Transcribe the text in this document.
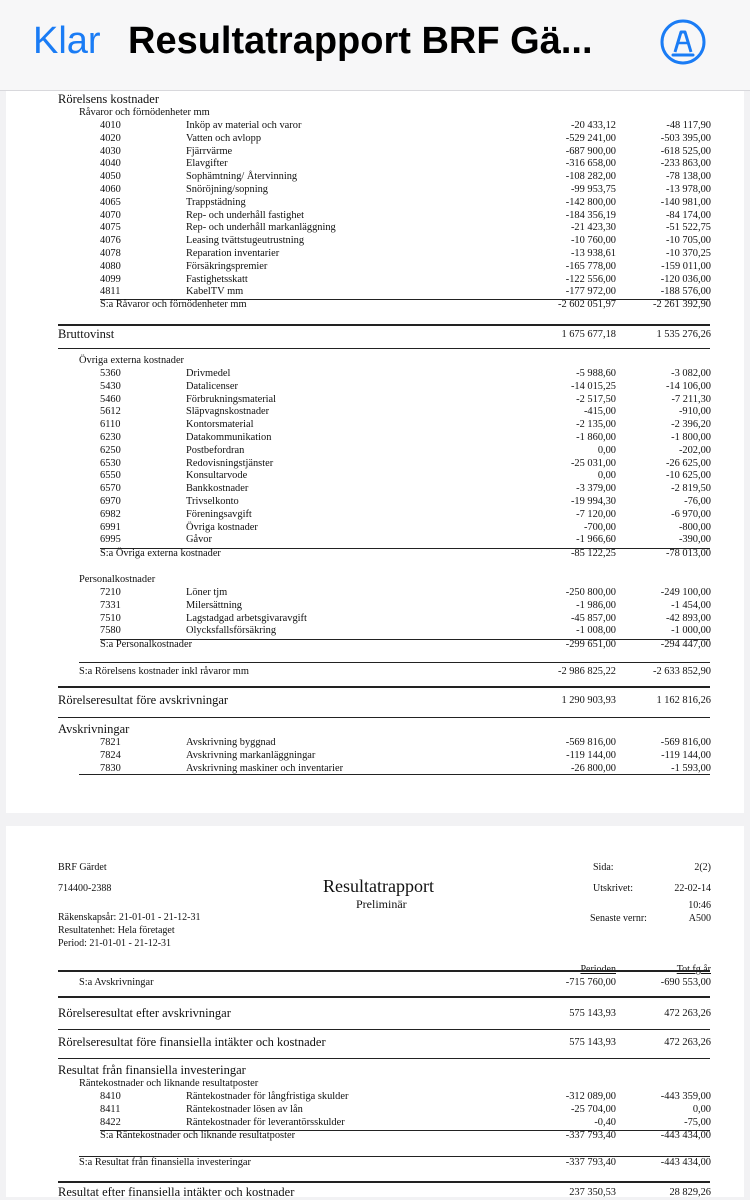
Klar Resultatrapport BRF Gä...
Rörelsens kostnader
Råvaror och förnödenheter mm
4010	Inköp av material och varor	-20 433,12	-48 117,90
4020	Vatten och avlopp	-529 241,00	-503 395,00
4030	Fjärrvärme	-687 900,00	-618 525,00
4040	Elavgifter	-316 658,00	-233 863,00
4050	Sophämtning/ Återvinning	-108 282,00	-78 138,00
4060	Snöröjning/sopning	-99 953,75	-13 978,00
4065	Trappstädning	-142 800,00	-140 981,00
4070	Rep- och underhåll fastighet	-184 356,19	-84 174,00
4075	Rep- och underhåll markanläggning	-21 423,30	-51 522,75
4076	Leasing tvättstugeutrustning	-10 760,00	-10 705,00
4078	Reparation inventarier	-13 938,61	-10 370,25
4080	Försäkringspremier	-165 778,00	-159 011,00
4099	Fastighetsskatt	-122 556,00	-120 036,00
4811	KabelTV mm	-177 972,00	-188 576,00
S:a Råvaror och förnödenheter mm	-2 602 051,97	-2 261 392,90
Bruttovinst	1 675 677,18	1 535 276,26
Övriga externa kostnader
5360	Drivmedel	-5 988,60	-3 082,00
5430	Datalicenser	-14 015,25	-14 106,00
5460	Förbrukningsmaterial	-2 517,50	-7 211,30
5612	Släpvagnskostnader	-415,00	-910,00
6110	Kontorsmaterial	-2 135,00	-2 396,20
6230	Datakommunikation	-1 860,00	-1 800,00
6250	Postbefordran	0,00	-202,00
6530	Redovisningstjänster	-25 031,00	-26 625,00
6550	Konsultarvode	0,00	-10 625,00
6570	Bankkostnader	-3 379,00	-2 819,50
6970	Trivselkonto	-19 994,30	-76,00
6982	Föreningsavgift	-7 120,00	-6 970,00
6991	Övriga kostnader	-700,00	-800,00
6995	Gåvor	-1 966,60	-390,00
S:a Övriga externa kostnader	-85 122,25	-78 013,00
Personalkostnader
7210	Löner tjm	-250 800,00	-249 100,00
7331	Milersättning	-1 986,00	-1 454,00
7510	Lagstadgad arbetsgivaravgift	-45 857,00	-42 893,00
7580	Olycksfallsförsäkring	-1 008,00	-1 000,00
S:a Personalkostnader	-299 651,00	-294 447,00
S:a Rörelsens kostnader inkl råvaror mm	-2 986 825,22	-2 633 852,90
Rörelseresultat före avskrivningar	1 290 903,93	1 162 816,26
Avskrivningar
7821	Avskrivning byggnad	-569 816,00	-569 816,00
7824	Avskrivning markanläggningar	-119 144,00	-119 144,00
7830	Avskrivning maskiner och inventarier	-26 800,00	-1 593,00
BRF Gärdet
714400-2388
Räkenskapsår: 21-01-01 - 21-12-31
Resultatenhet: Hela företaget
Period: 21-01-01 - 21-12-31
Resultatrapport
Preliminär
Sida:	2(2)
Utskrivet:	22-02-14
10:46
Senaste vernr:	A500
Perioden	Tot fg år
S:a Avskrivningar	-715 760,00	-690 553,00
Rörelseresultat efter avskrivningar	575 143,93	472 263,26
Rörelseresultat före finansiella intäkter och kostnader	575 143,93	472 263,26
Resultat från finansiella investeringar
Räntekostnader och liknande resultatposter
8410	Räntekostnader för långfristiga skulder	-312 089,00	-443 359,00
8411	Räntekostnader lösen av lån	-25 704,00	0,00
8422	Räntekostnader för leverantörsskulder	-0,40	-75,00
S:a Räntekostnader och liknande resultatposter	-337 793,40	-443 434,00
S:a Resultat från finansiella investeringar	-337 793,40	-443 434,00
Resultat efter finansiella intäkter och kostnader	237 350,53	28 829,26
